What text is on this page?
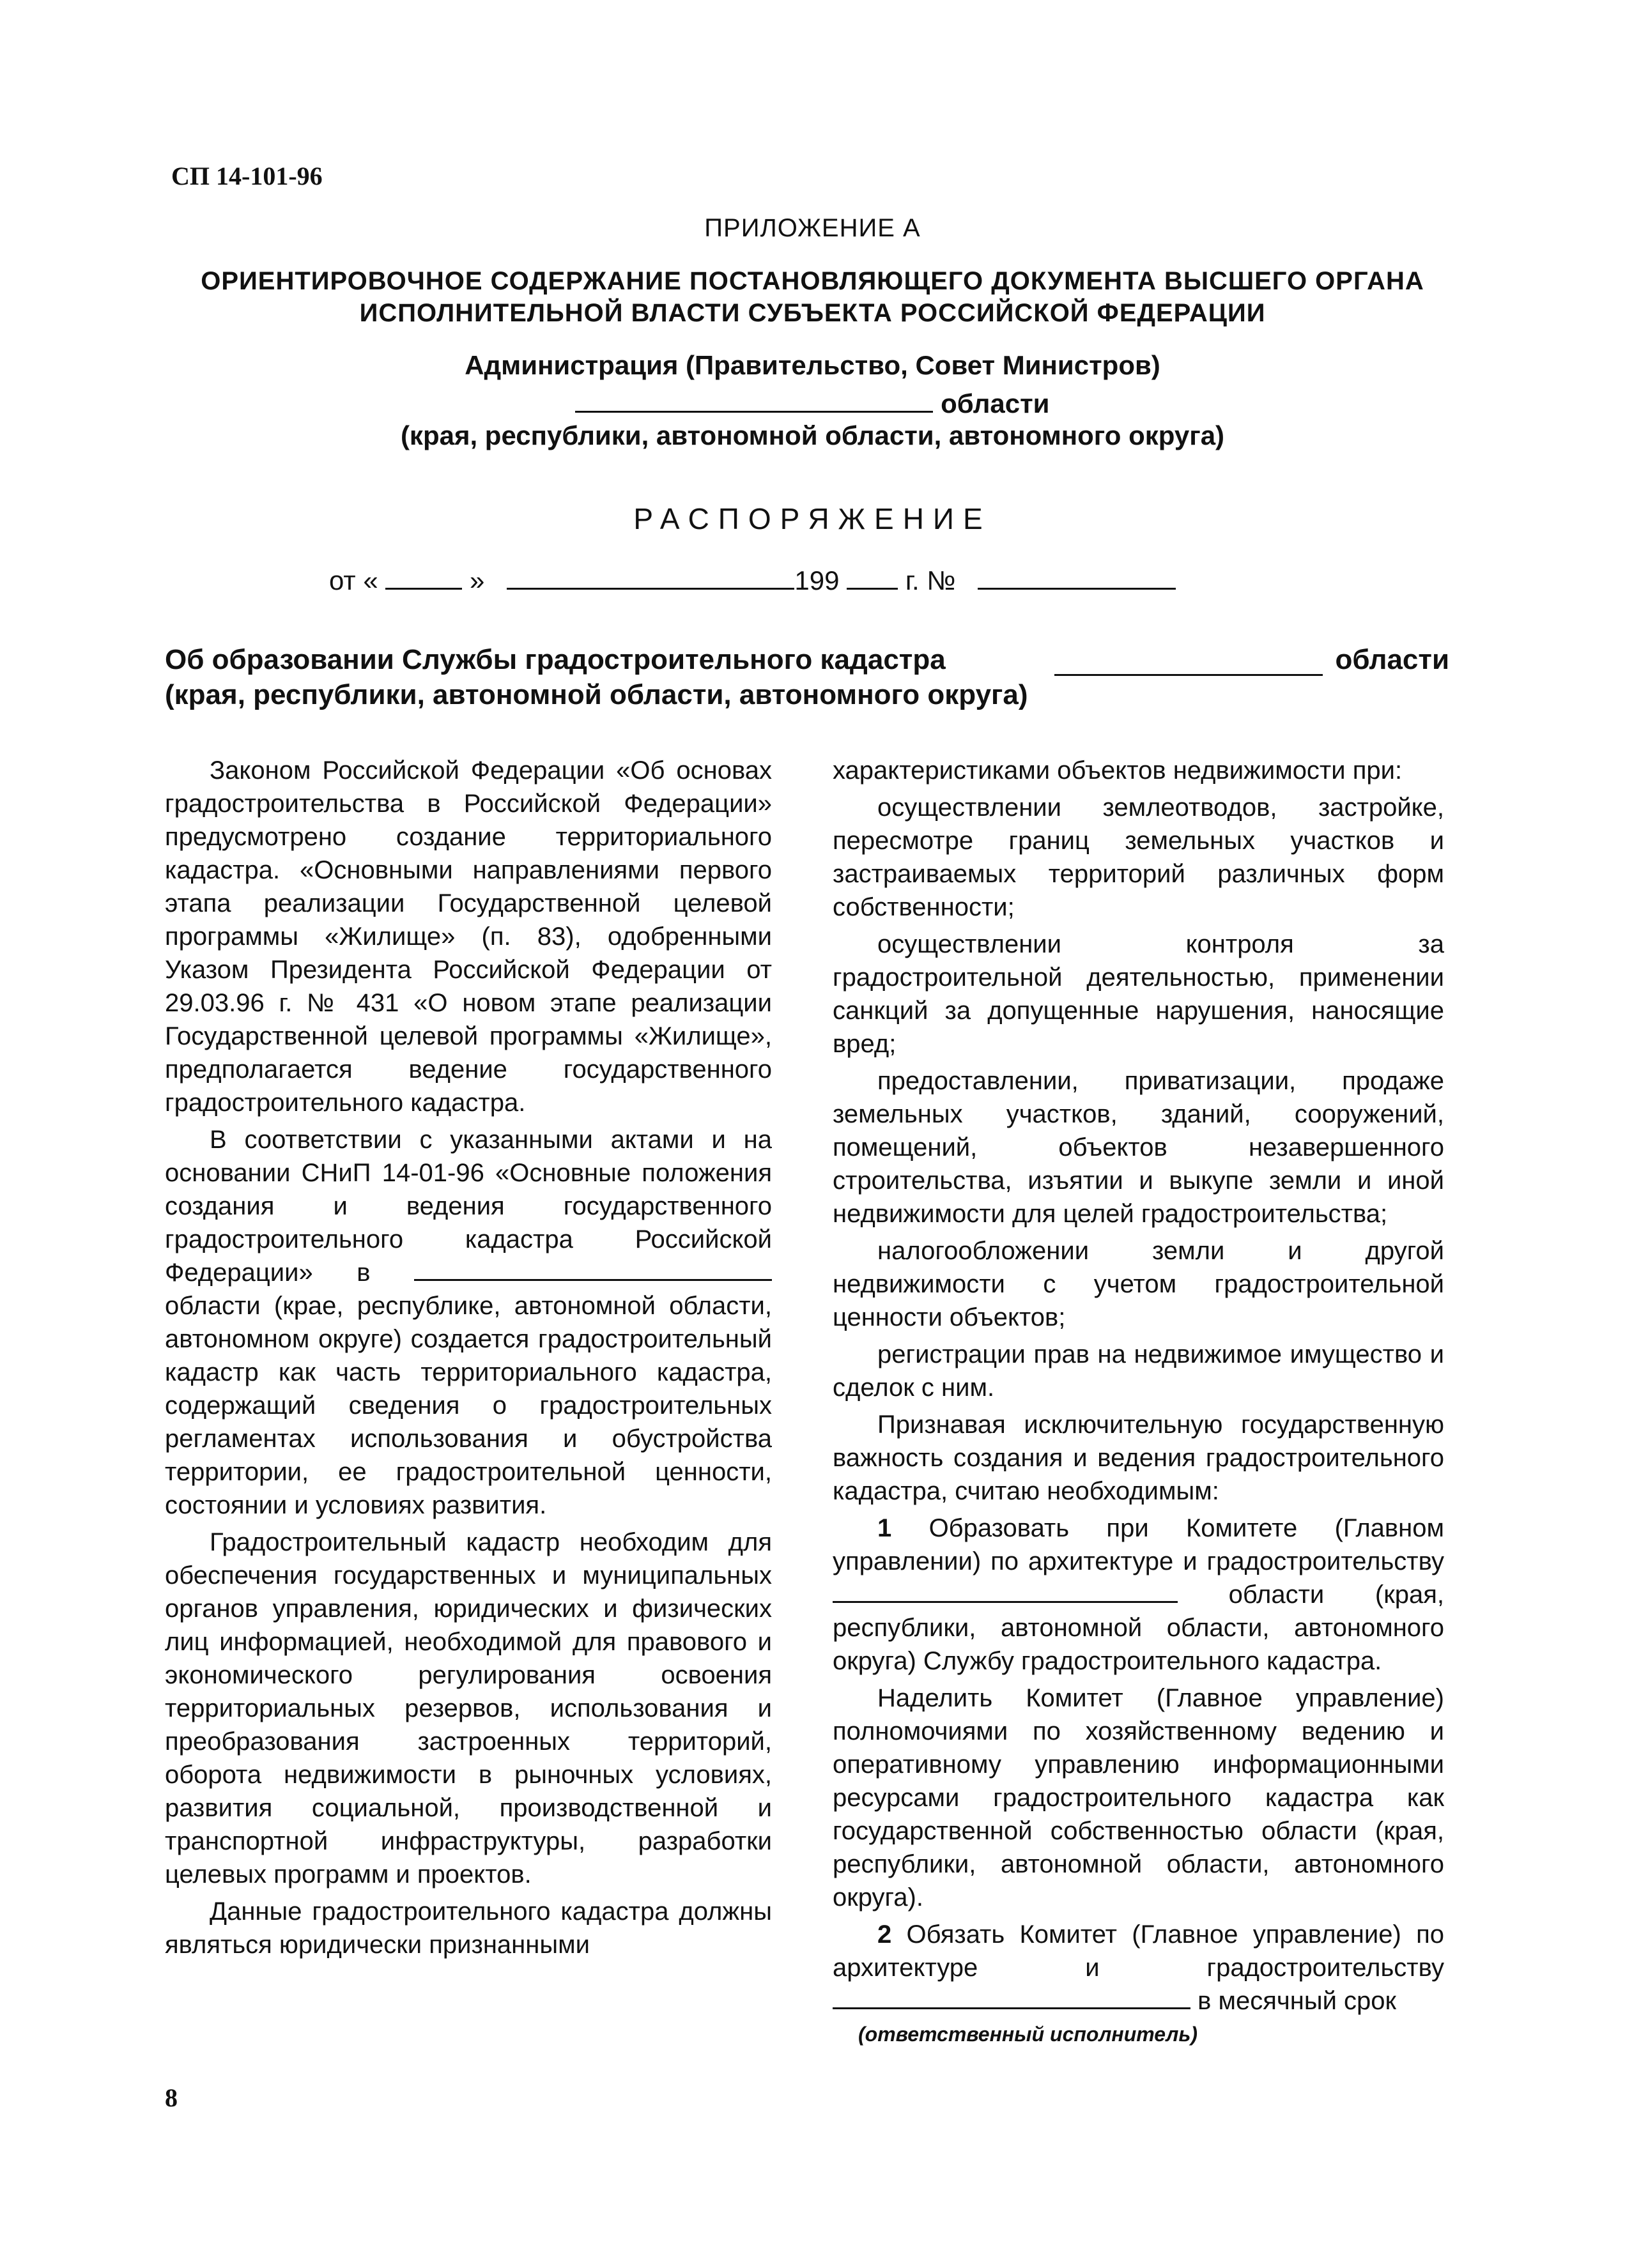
СП 14-101-96
ПРИЛОЖЕНИЕ А
ОРИЕНТИРОВОЧНОЕ СОДЕРЖАНИЕ ПОСТАНОВЛЯЮЩЕГО ДОКУМЕНТА ВЫСШЕГО ОРГАНА
ИСПОЛНИТЕЛЬНОЙ ВЛАСТИ СУБЪЕКТА РОССИЙСКОЙ ФЕДЕРАЦИИ
Администрация (Правительство, Совет Министров)
области
(края, республики, автономной области, автономного округа)
РАСПОРЯЖЕНИЕ
от «	»	199 г. №
Об образовании Службы градостроительного кадастра	области
(края, республики, автономной области, автономного округа)

Законом Российской Федерации «Об основах градостроительства в Российской Федерации» предусмотрено создание территориального кадастра. «Основными направлениями первого этапа реализации Государственной целевой программы «Жилище» (п. 83), одобренными Указом Президента Российской Федерации от 29.03.96 г. № 431 «О новом этапе реализации Государственной целевой программы «Жилище», предполагается ведение государственного градостроительного кадастра.

В соответствии с указанными актами и на основании СНиП 14-01-96 «Основные положения создания и ведения государственного градостроительного кадастра Российской Федерации» в  области (крае, республике, автономной области, автономном округе) создается градостроительный кадастр как часть территориального кадастра, содержащий сведения о градостроительных регламентах использования и обустройства территории, ее градостроительной ценности, состоянии и условиях развития.

Градостроительный кадастр необходим для обеспечения государственных и муниципальных органов управления, юридических и физических лиц информацией, необходимой для правового и экономического регулирования освоения территориальных резервов, использования и преобразования застроенных территорий, оборота недвижимости в рыночных условиях, развития социальной, производственной и транспортной инфраструктуры, разработки целевых программ и проектов.

Данные градостроительного кадастра должны являться юридически признанными

характеристиками объектов недвижимости при:

осуществлении землеотводов, застройке, пересмотре границ земельных участков и застраиваемых территорий различных форм собственности;

осуществлении контроля за градостроительной деятельностью, применении санкций за допущенные нарушения, наносящие вред;

предоставлении, приватизации, продаже земельных участков, зданий, сооружений, помещений, объектов незавершенного строительства, изъятии и выкупе земли и иной недвижимости для целей градостроительства;

налогообложении земли и другой недвижимости с учетом градостроительной ценности объектов;

регистрации прав на недвижимое имущество и сделок с ним.

Признавая исключительную государственную важность создания и ведения градостроительного кадастра, считаю необходимым:

1 Образовать при Комитете (Главном управлении) по архитектуре и градостроительству  области (края, республики, автономной области, автономного округа) Службу градостроительного кадастра.

Наделить Комитет (Главное управление) полномочиями по хозяйственному ведению и оперативному управлению информационными ресурсами градостроительного кадастра как государственной собственностью области (края, республики, автономной области, автономного округа).

2 Обязать Комитет (Главное управление) по архитектуре и градостроительству  в месячный срок

(ответственный исполнитель)
8
